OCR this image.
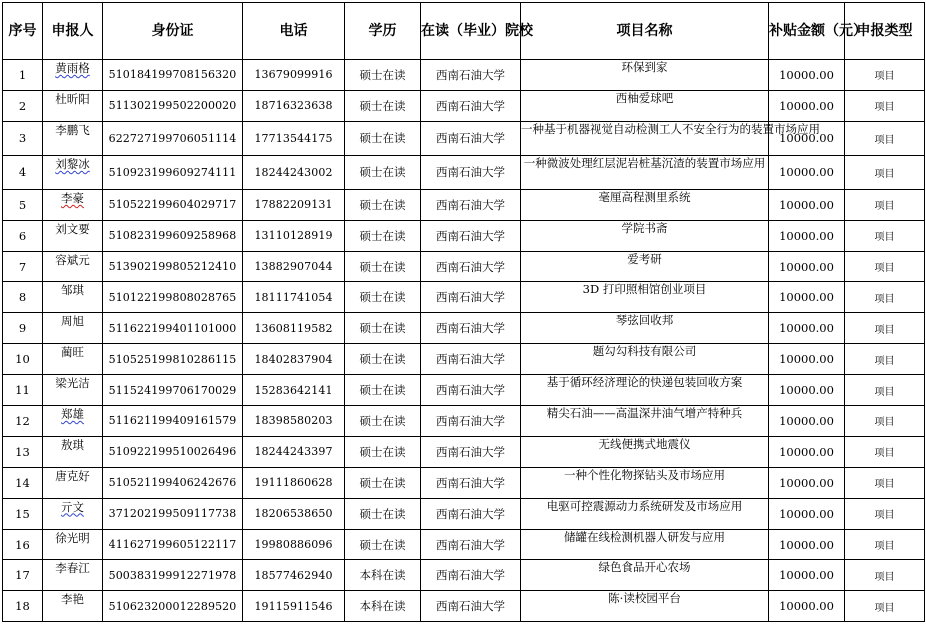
序号	申报人	身份证	电话	学历	在读（毕业）院校	项目名称	补贴金额（元）	申报类型
1	黄雨格	510184199708156320	13679099916	硕士在读	西南石油大学	环保到家	10000.00	项目
2	杜昕阳	511302199502200020	18716323638	硕士在读	西南石油大学	西柚爱球吧	10000.00	项目
3	李鹏飞	622727199706051114	17713544175	硕士在读	西南石油大学	一种基于机器视觉自动检测工人不安全行为的装置市场应用	10000.00	项目
4	刘黎冰	510923199609274111	18244243002	硕士在读	西南石油大学	一种微波处理红层泥岩桩基沉渣的装置市场应用	10000.00	项目
5	李豪	510522199604029717	17882209131	硕士在读	西南石油大学	毫厘高程测里系统	10000.00	项目
6	刘文要	510823199609258968	13110128919	硕士在读	西南石油大学	学院书斋	10000.00	项目
7	容斌元	513902199805212410	13882907044	硕士在读	西南石油大学	爱考研	10000.00	项目
8	邹琪	510122199808028765	18111741054	硕士在读	西南石油大学	3D 打印照相馆创业项目	10000.00	项目
9	周旭	511622199401101000	13608119582	硕士在读	西南石油大学	琴弦回收邦	10000.00	项目
10	蔺旺	510525199810286115	18402837904	硕士在读	西南石油大学	题勾勾科技有限公司	10000.00	项目
11	梁光洁	511524199706170029	15283642141	硕士在读	西南石油大学	基于循环经济理论的快递包装回收方案	10000.00	项目
12	郑雄	511621199409161579	18398580203	硕士在读	西南石油大学	精尖石油——高温深井油气增产特种兵	10000.00	项目
13	敖琪	510922199510026496	18244243397	硕士在读	西南石油大学	无线便携式地震仪	10000.00	项目
14	唐克好	510521199406242676	19111860628	硕士在读	西南石油大学	一种个性化物探钻头及市场应用	10000.00	项目
15	亓文	371202199509117738	18206538650	硕士在读	西南石油大学	电驱可控震源动力系统研发及市场应用	10000.00	项目
16	徐光明	411627199605122117	19980886096	硕士在读	西南石油大学	储罐在线检测机器人研发与应用	10000.00	项目
17	李春江	500383199912271978	18577462940	本科在读	西南石油大学	绿色食品开心农场	10000.00	项目
18	李艳	510623200012289520	19115911546	本科在读	西南石油大学	陈·读校园平台	10000.00	项目
